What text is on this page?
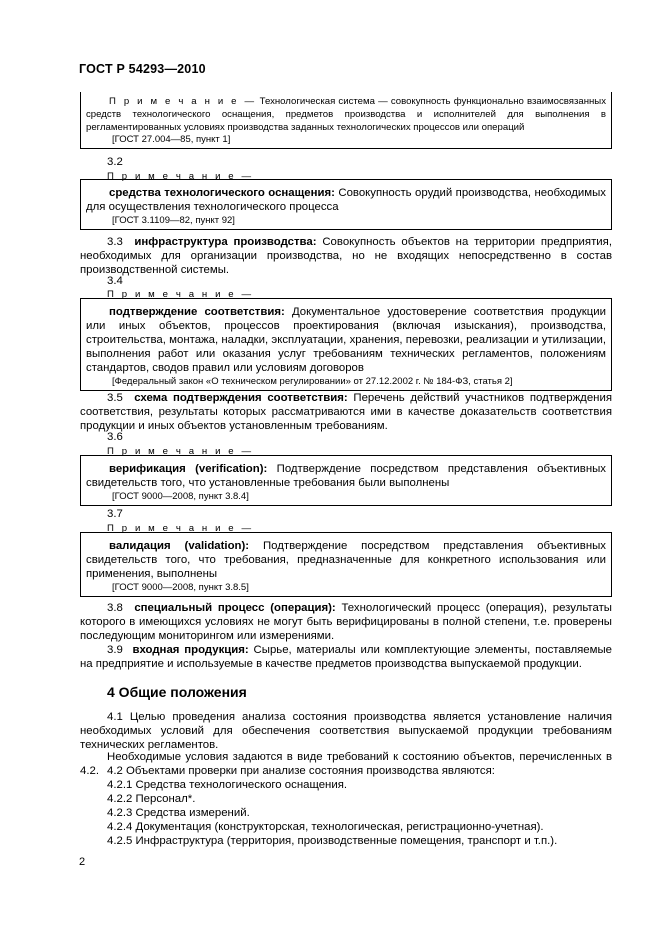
ГОСТ Р 54293—2010

П р и м е ч а н и е — Технологическая система — совокупность функционально взаимосвязанных средств технологического оснащения, предметов производства и исполнителей для выполнения в регламентированных условиях производства заданных технологических процессов или операций

[ГОСТ 27.004—85, пункт 1]
3.2
П р и м е ч а н и е —

средства технологического оснащения: Совокупность орудий производства, необходимых для осуществления технологического процесса

[ГОСТ 3.1109—82, пункт 92]

3.3 инфраструктура производства: Совокупность объектов на территории предприятия, необходимых для организации производства, но не входящих непосредственно в состав производственной системы.

3.4
П р и м е ч а н и е —

подтверждение соответствия: Документальное удостоверение соответствия продукции или иных объектов, процессов проектирования (включая изыскания), производства, строительства, монтажа, наладки, эксплуатации, хранения, перевозки, реализации и утилизации, выполнения работ или оказания услуг требованиям технических регламентов, положениям стандартов, сводов правил или условиям договоров

[Федеральный закон «О техническом регулировании» от 27.12.2002 г. № 184-ФЗ, статья 2]

3.5 схема подтверждения соответствия: Перечень действий участников подтверждения соответствия, результаты которых рассматриваются ими в качестве доказательств соответствия продукции и иных объектов установленным требованиям.

3.6
П р и м е ч а н и е —

верификация (verification): Подтверждение посредством представления объективных свидетельств того, что установленные требования были выполнены

[ГОСТ 9000—2008, пункт 3.8.4]
3.7
П р и м е ч а н и е —

валидация (validation): Подтверждение посредством представления объективных свидетельств того, что требования, предназначенные для конкретного использования или применения, выполнены

[ГОСТ 9000—2008, пункт 3.8.5]

3.8 специальный процесс (операция): Технологический процесс (операция), результаты которого в имеющихся условиях не могут быть верифицированы в полной степени, т.е. проверены последующим мониторингом или измерениями.

3.9 входная продукция: Сырье, материалы или комплектующие элементы, поставляемые на предприятие и используемые в качестве предметов производства выпускаемой продукции.

4 Общие положения

4.1 Целью проведения анализа состояния производства является установление наличия необходимых условий для обеспечения соответствия выпускаемой продукции требованиям технических регламентов.

Необходимые условия задаются в виде требований к состоянию объектов, перечисленных в 4.2. 4.2 Объектами проверки при анализе состояния производства являются:

4.2.1 Средства технологического оснащения.

4.2.2 Персонал*.

4.2.3 Средства измерений.

4.2.4 Документация (конструкторская, технологическая, регистрационно-учетная).

4.2.5 Инфраструктура (территория, производственные помещения, транспорт и т.п.).

2
